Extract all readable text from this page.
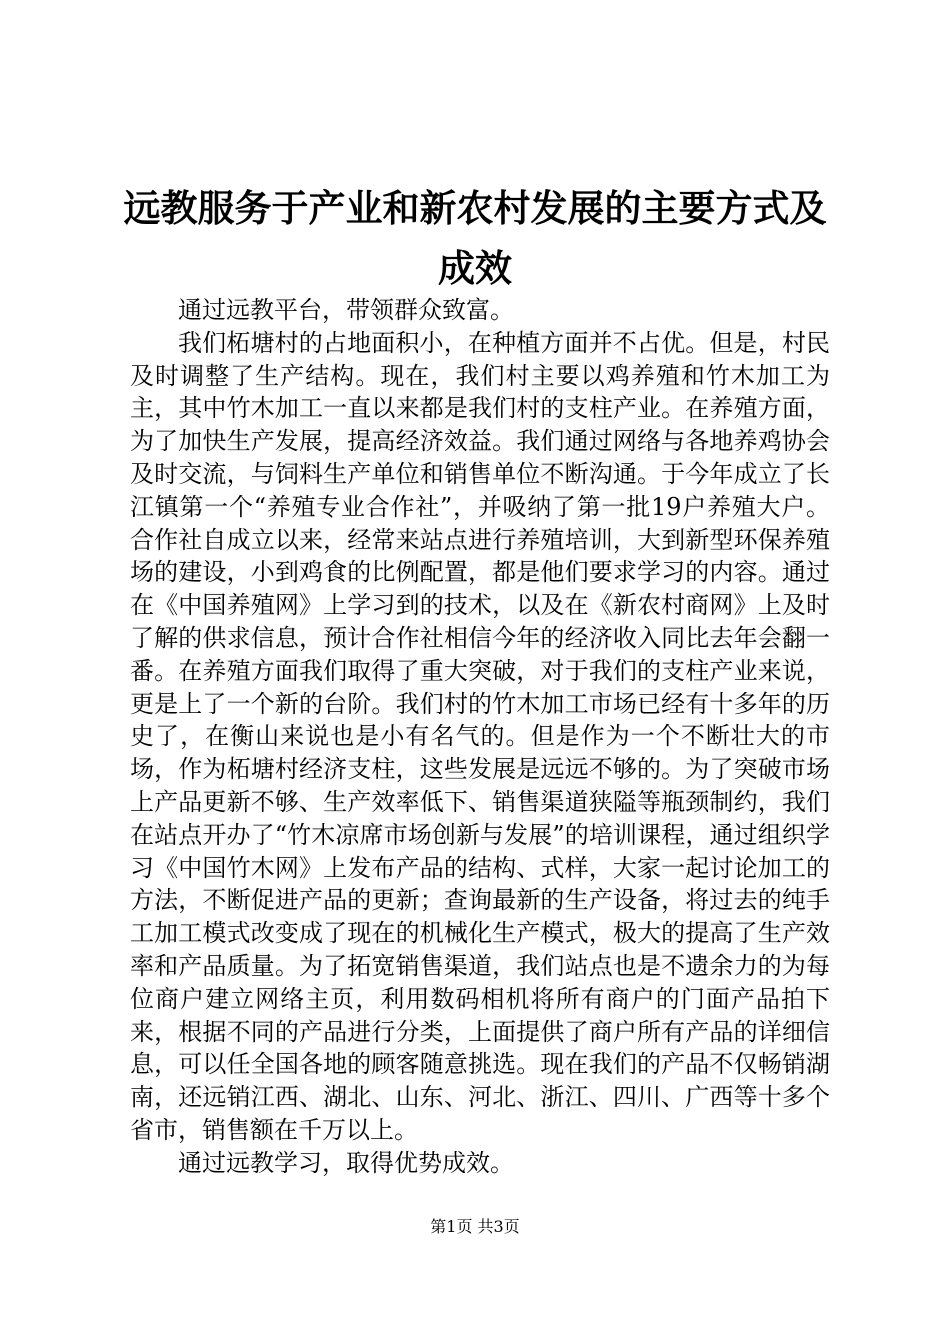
远教服务于产业和新农村发展的主要方式及成效

通过远教平台，带领群众致富。

我们柘塘村的占地面积小，在种植方面并不占优。但是，村民及时调整了生产结构。现在，我们村主要以鸡养殖和竹木加工为主，其中竹木加工一直以来都是我们村的支柱产业。在养殖方面，为了加快生产发展，提高经济效益。我们通过网络与各地养鸡协会及时交流，与饲料生产单位和销售单位不断沟通。于今年成立了长江镇第一个“养殖专业合作社”，并吸纳了第一批19户养殖大户。合作社自成立以来，经常来站点进行养殖培训，大到新型环保养殖场的建设，小到鸡食的比例配置，都是他们要求学习的内容。通过在《中国养殖网》上学习到的技术，以及在《新农村商网》上及时了解的供求信息，预计合作社相信今年的经济收入同比去年会翻一番。在养殖方面我们取得了重大突破，对于我们的支柱产业来说，更是上了一个新的台阶。我们村的竹木加工市场已经有十多年的历史了，在衡山来说也是小有名气的。但是作为一个不断壮大的市场，作为柘塘村经济支柱，这些发展是远远不够的。为了突破市场上产品更新不够、生产效率低下、销售渠道狭隘等瓶颈制约，我们在站点开办了“竹木凉席市场创新与发展”的培训课程，通过组织学习《中国竹木网》上发布产品的结构、式样，大家一起讨论加工的方法，不断促进产品的更新；查询最新的生产设备，将过去的纯手工加工模式改变成了现在的机械化生产模式，极大的提高了生产效率和产品质量。为了拓宽销售渠道，我们站点也是不遗余力的为每位商户建立网络主页，利用数码相机将所有商户的门面产品拍下来，根据不同的产品进行分类，上面提供了商户所有产品的详细信息，可以任全国各地的顾客随意挑选。现在我们的产品不仅畅销湖南，还远销江西、湖北、山东、河北、浙江、四川、广西等十多个省市，销售额在千万以上。

通过远教学习，取得优势成效。

第1页 共3页
